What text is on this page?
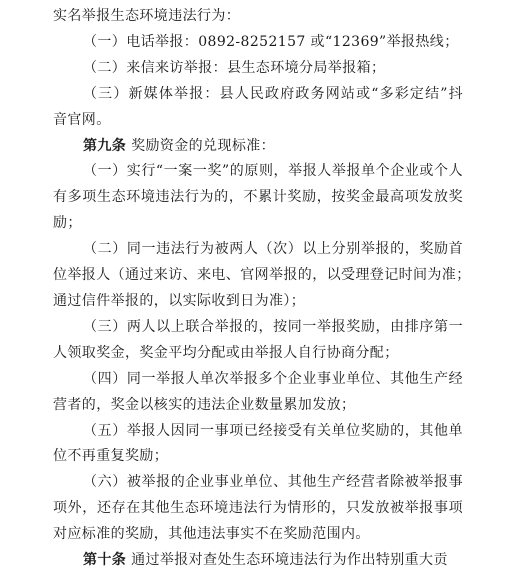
实名举报生态环境违法行为：
（一）电话举报：0892-8252157 或“12369”举报热线；
（二）来信来访举报：县生态环境分局举报箱；
（三）新媒体举报：县人民政府政务网站或“多彩定结”抖
音官网。
第九条 奖励资金的兑现标准：
（一）实行“一案一奖”的原则，举报人举报单个企业或个人
有多项生态环境违法行为的，不累计奖励，按奖金最高项发放奖
励；
（二）同一违法行为被两人（次）以上分别举报的，奖励首
位举报人（通过来访、来电、官网举报的，以受理登记时间为准；
通过信件举报的，以实际收到日为准）；
（三）两人以上联合举报的，按同一举报奖励，由排序第一
人领取奖金，奖金平均分配或由举报人自行协商分配；
（四）同一举报人单次举报多个企业事业单位、其他生产经
营者的，奖金以核实的违法企业数量累加发放；
（五）举报人因同一事项已经接受有关单位奖励的，其他单
位不再重复奖励；
（六）被举报的企业事业单位、其他生产经营者除被举报事
项外，还存在其他生态环境违法行为情形的，只发放被举报事项
对应标准的奖励，其他违法事实不在奖励范围内。
第十条 通过举报对查处生态环境违法行为作出特别重大贡
